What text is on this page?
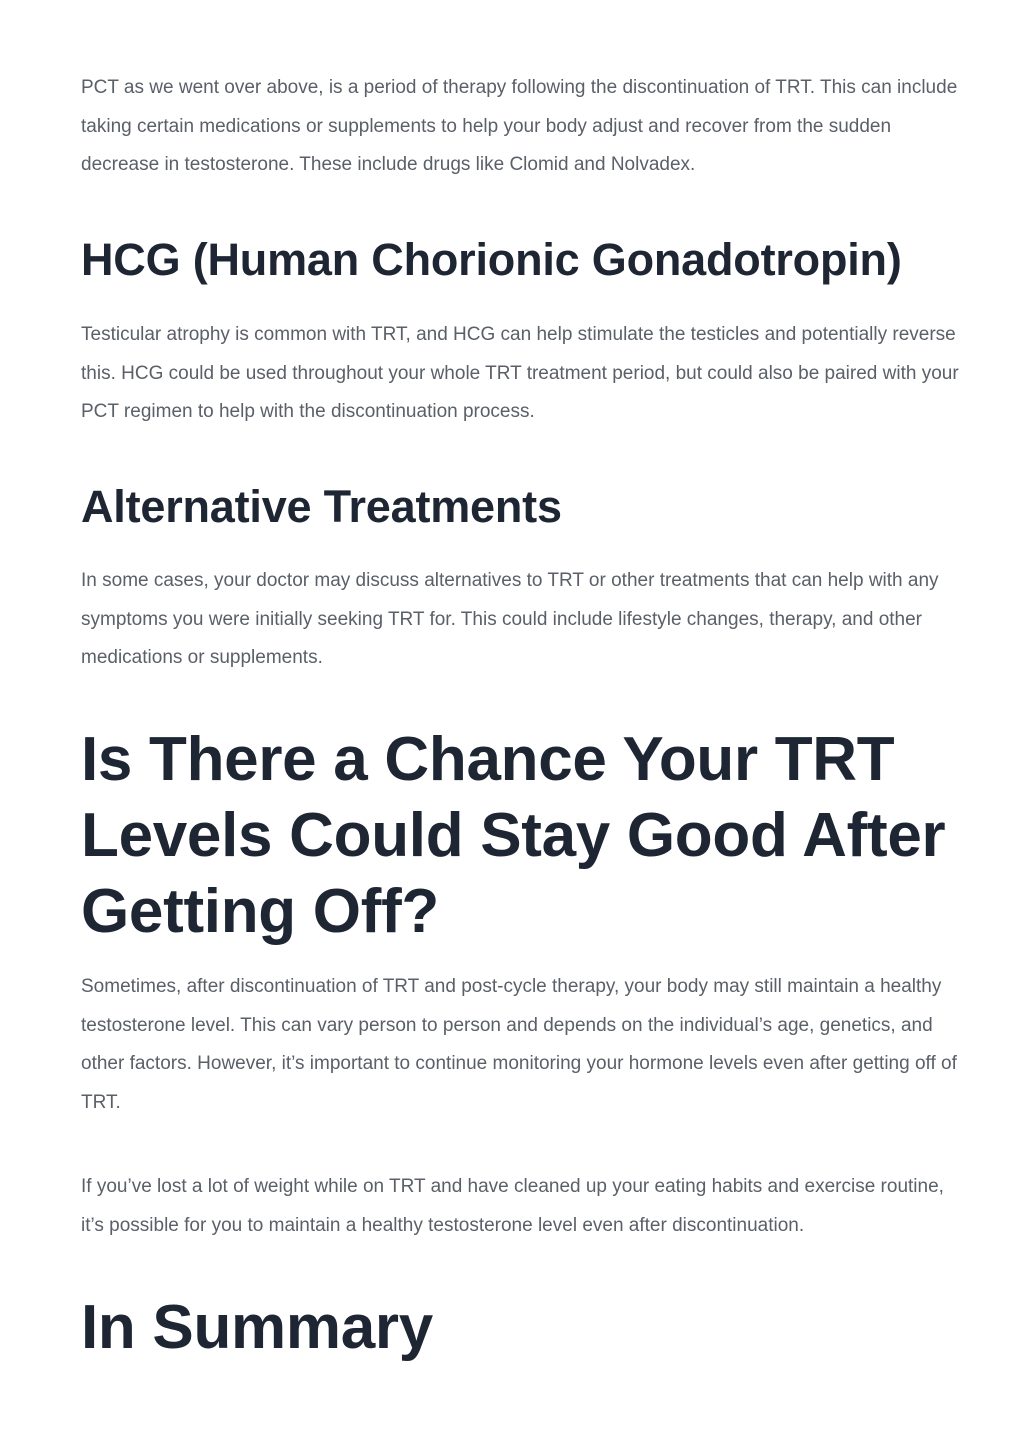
PCT as we went over above, is a period of therapy following the discontinuation of TRT. This can include taking certain medications or supplements to help your body adjust and recover from the sudden decrease in testosterone. These include drugs like Clomid and Nolvadex.

HCG (Human Chorionic Gonadotropin)

Testicular atrophy is common with TRT, and HCG can help stimulate the testicles and potentially reverse this. HCG could be used throughout your whole TRT treatment period, but could also be paired with your PCT regimen to help with the discontinuation process.

Alternative Treatments

In some cases, your doctor may discuss alternatives to TRT or other treatments that can help with any symptoms you were initially seeking TRT for. This could include lifestyle changes, therapy, and other medications or supplements.

Is There a Chance Your TRT Levels Could Stay Good After Getting Off?

Sometimes, after discontinuation of TRT and post-cycle therapy, your body may still maintain a healthy testosterone level. This can vary person to person and depends on the individual’s age, genetics, and other factors. However, it’s important to continue monitoring your hormone levels even after getting off of TRT.

If you’ve lost a lot of weight while on TRT and have cleaned up your eating habits and exercise routine, it’s possible for you to maintain a healthy testosterone level even after discontinuation.

In Summary
